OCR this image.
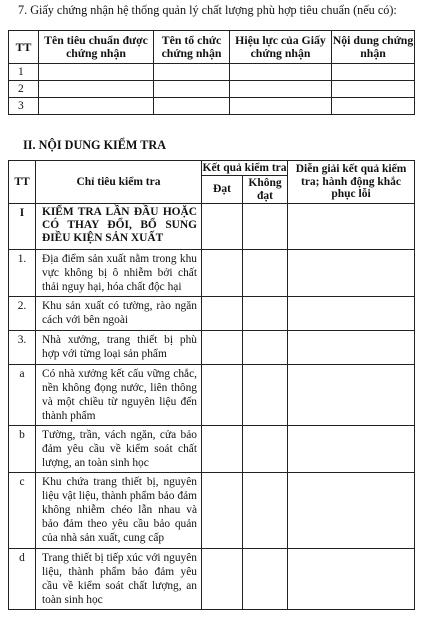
7. Giấy chứng nhận hệ thống quản lý chất lượng phù hợp tiêu chuẩn (nếu có):
TT	Tên tiêu chuẩn được chứng nhận	Tên tổ chức chứng nhận	Hiệu lực của Giấy chứng nhận	Nội dung chứng nhận
1				
2				
3				
II. NỘI DUNG KIỂM TRA
TT	Chỉ tiêu kiểm tra	Kết quả kiểm tra		Diễn giải kết quả kiểm tra; hành động khắc phục lỗi
		Đạt	Không đạt	
I	KIỂM TRA LẦN ĐẦU HOẶC CÓ THAY ĐỔI, BỔ SUNG ĐIỀU KIỆN SẢN XUẤT			
1.	Địa điểm sản xuất nằm trong khu vực không bị ô nhiễm bởi chất thải nguy hại, hóa chất độc hại			
2.	Khu sản xuất có tường, rào ngăn cách với bên ngoài			
3.	Nhà xưởng, trang thiết bị phù hợp với từng loại sản phẩm			
a	Có nhà xưởng kết cấu vững chắc, nền không đọng nước, liên thông và một chiều từ nguyên liệu đến thành phẩm			
b	Tường, trần, vách ngăn, cửa bảo đảm yêu cầu về kiểm soát chất lượng, an toàn sinh học			
c	Khu chứa trang thiết bị, nguyên liệu vật liệu, thành phẩm bảo đảm không nhiễm chéo lẫn nhau và bảo đảm theo yêu cầu bảo quản của nhà sản xuất, cung cấp			
d	Trang thiết bị tiếp xúc với nguyên liệu, thành phẩm bảo đảm yêu cầu về kiểm soát chất lượng, an toàn sinh học			
